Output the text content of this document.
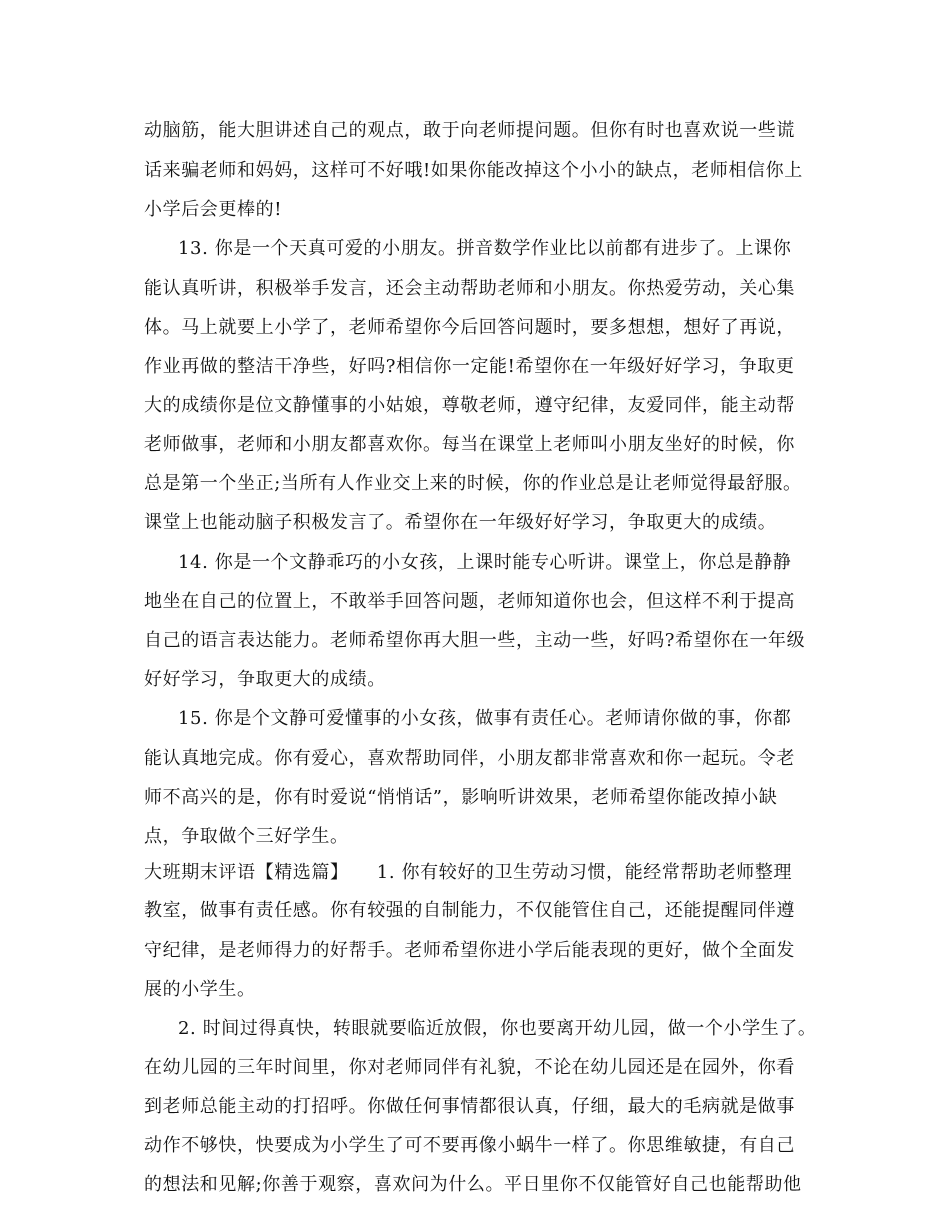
动脑筋，能大胆讲述自己的观点，敢于向老师提问题。但你有时也喜欢说一些谎
话来骗老师和妈妈，这样可不好哦!如果你能改掉这个小小的缺点，老师相信你上
小学后会更棒的!
13. 你是一个天真可爱的小朋友。拼音数学作业比以前都有进步了。上课你
能认真听讲，积极举手发言，还会主动帮助老师和小朋友。你热爱劳动，关心集
体。马上就要上小学了，老师希望你今后回答问题时，要多想想，想好了再说，
作业再做的整洁干净些，好吗?相信你一定能!希望你在一年级好好学习，争取更
大的成绩你是位文静懂事的小姑娘，尊敬老师，遵守纪律，友爱同伴，能主动帮
老师做事，老师和小朋友都喜欢你。每当在课堂上老师叫小朋友坐好的时候，你
总是第一个坐正;当所有人作业交上来的时候，你的作业总是让老师觉得最舒服。
课堂上也能动脑子积极发言了。希望你在一年级好好学习，争取更大的成绩。
14. 你是一个文静乖巧的小女孩，上课时能专心听讲。课堂上，你总是静静
地坐在自己的位置上，不敢举手回答问题，老师知道你也会，但这样不利于提高
自己的语言表达能力。老师希望你再大胆一些，主动一些，好吗?希望你在一年级
好好学习，争取更大的成绩。
15. 你是个文静可爱懂事的小女孩，做事有责任心。老师请你做的事，你都
能认真地完成。你有爱心，喜欢帮助同伴，小朋友都非常喜欢和你一起玩。令老
师不高兴的是，你有时爱说“悄悄话”，影响听讲效果，老师希望你能改掉小缺
点，争取做个三好学生。
大班期末评语【精选篇】　　1. 你有较好的卫生劳动习惯，能经常帮助老师整理
教室，做事有责任感。你有较强的自制能力，不仅能管住自己，还能提醒同伴遵
守纪律，是老师得力的好帮手。老师希望你进小学后能表现的更好，做个全面发
展的小学生。
2. 时间过得真快，转眼就要临近放假，你也要离开幼儿园，做一个小学生了。
在幼儿园的三年时间里，你对老师同伴有礼貌，不论在幼儿园还是在园外，你看
到老师总能主动的打招呼。你做任何事情都很认真，仔细，最大的毛病就是做事
动作不够快，快要成为小学生了可不要再像小蜗牛一样了。你思维敏捷，有自己
的想法和见解;你善于观察，喜欢问为什么。平日里你不仅能管好自己也能帮助他
